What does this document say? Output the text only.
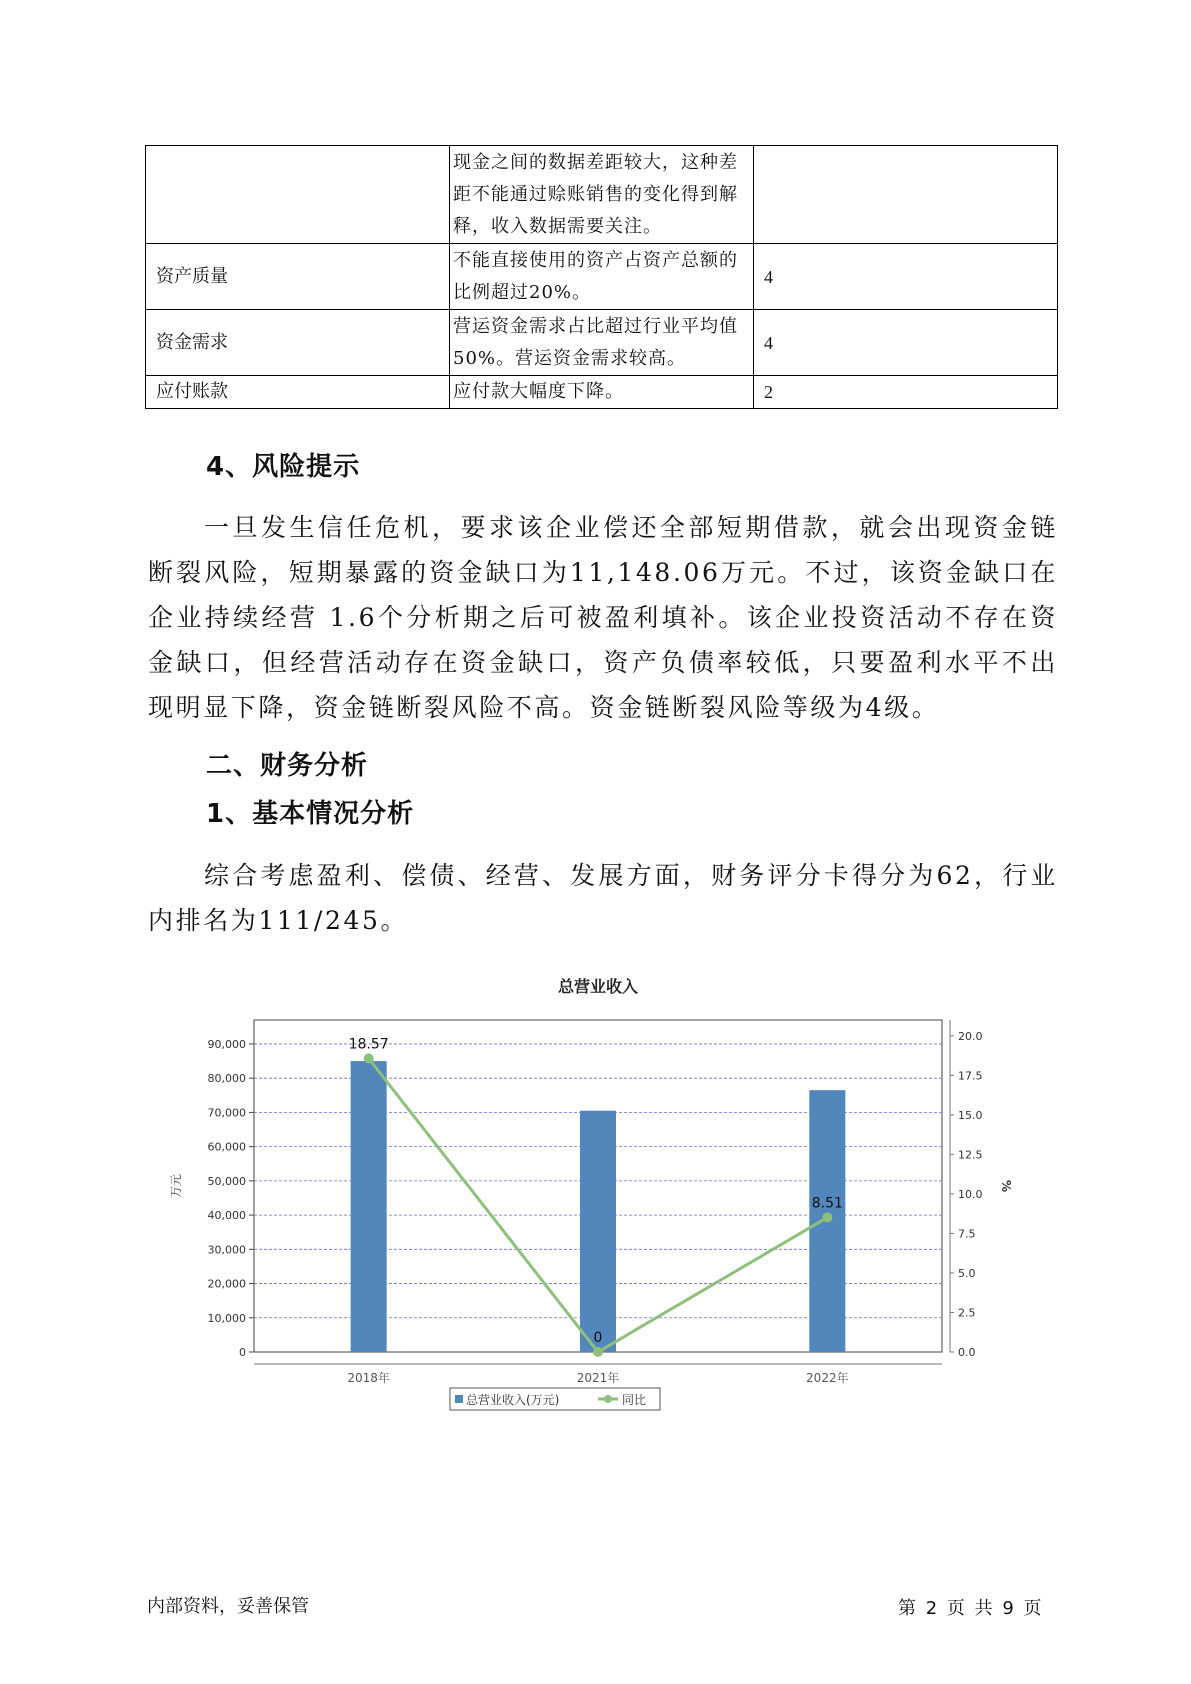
	现金之间的数据差距较大，这种差距不能通过赊账销售的变化得到解释，收入数据需要关注。	
资产质量	不能直接使用的资产占资产总额的比例超过20%。	4
资金需求	营运资金需求占比超过行业平均值50%。营运资金需求较高。	4
应付账款	应付款大幅度下降。	2
4、风险提示
一旦发生信任危机，要求该企业偿还全部短期借款，就会出现资金链断裂风险，短期暴露的资金缺口为11,148.06万元。不过，该资金缺口在企业持续经营 1.6个分析期之后可被盈利填补。该企业投资活动不存在资金缺口，但经营活动存在资金缺口，资产负债率较低，只要盈利水平不出现明显下降，资金链断裂风险不高。资金链断裂风险等级为4级。
二、财务分析
1、基本情况分析
综合考虑盈利、偿债、经营、发展方面，财务评分卡得分为62，行业内排名为111/245。
总营业收入
0
10,000
20,000
30,000
40,000
50,000
60,000
70,000
80,000
90,000
0.0
2.5
5.0
7.5
10.0
12.5
15.0
17.5
20.0
万元	%
18.57
0
8.51
2018年	2021年	2022年
总营业收入(万元)	同比
内部资料，妥善保管	第 2 页 共 9 页
